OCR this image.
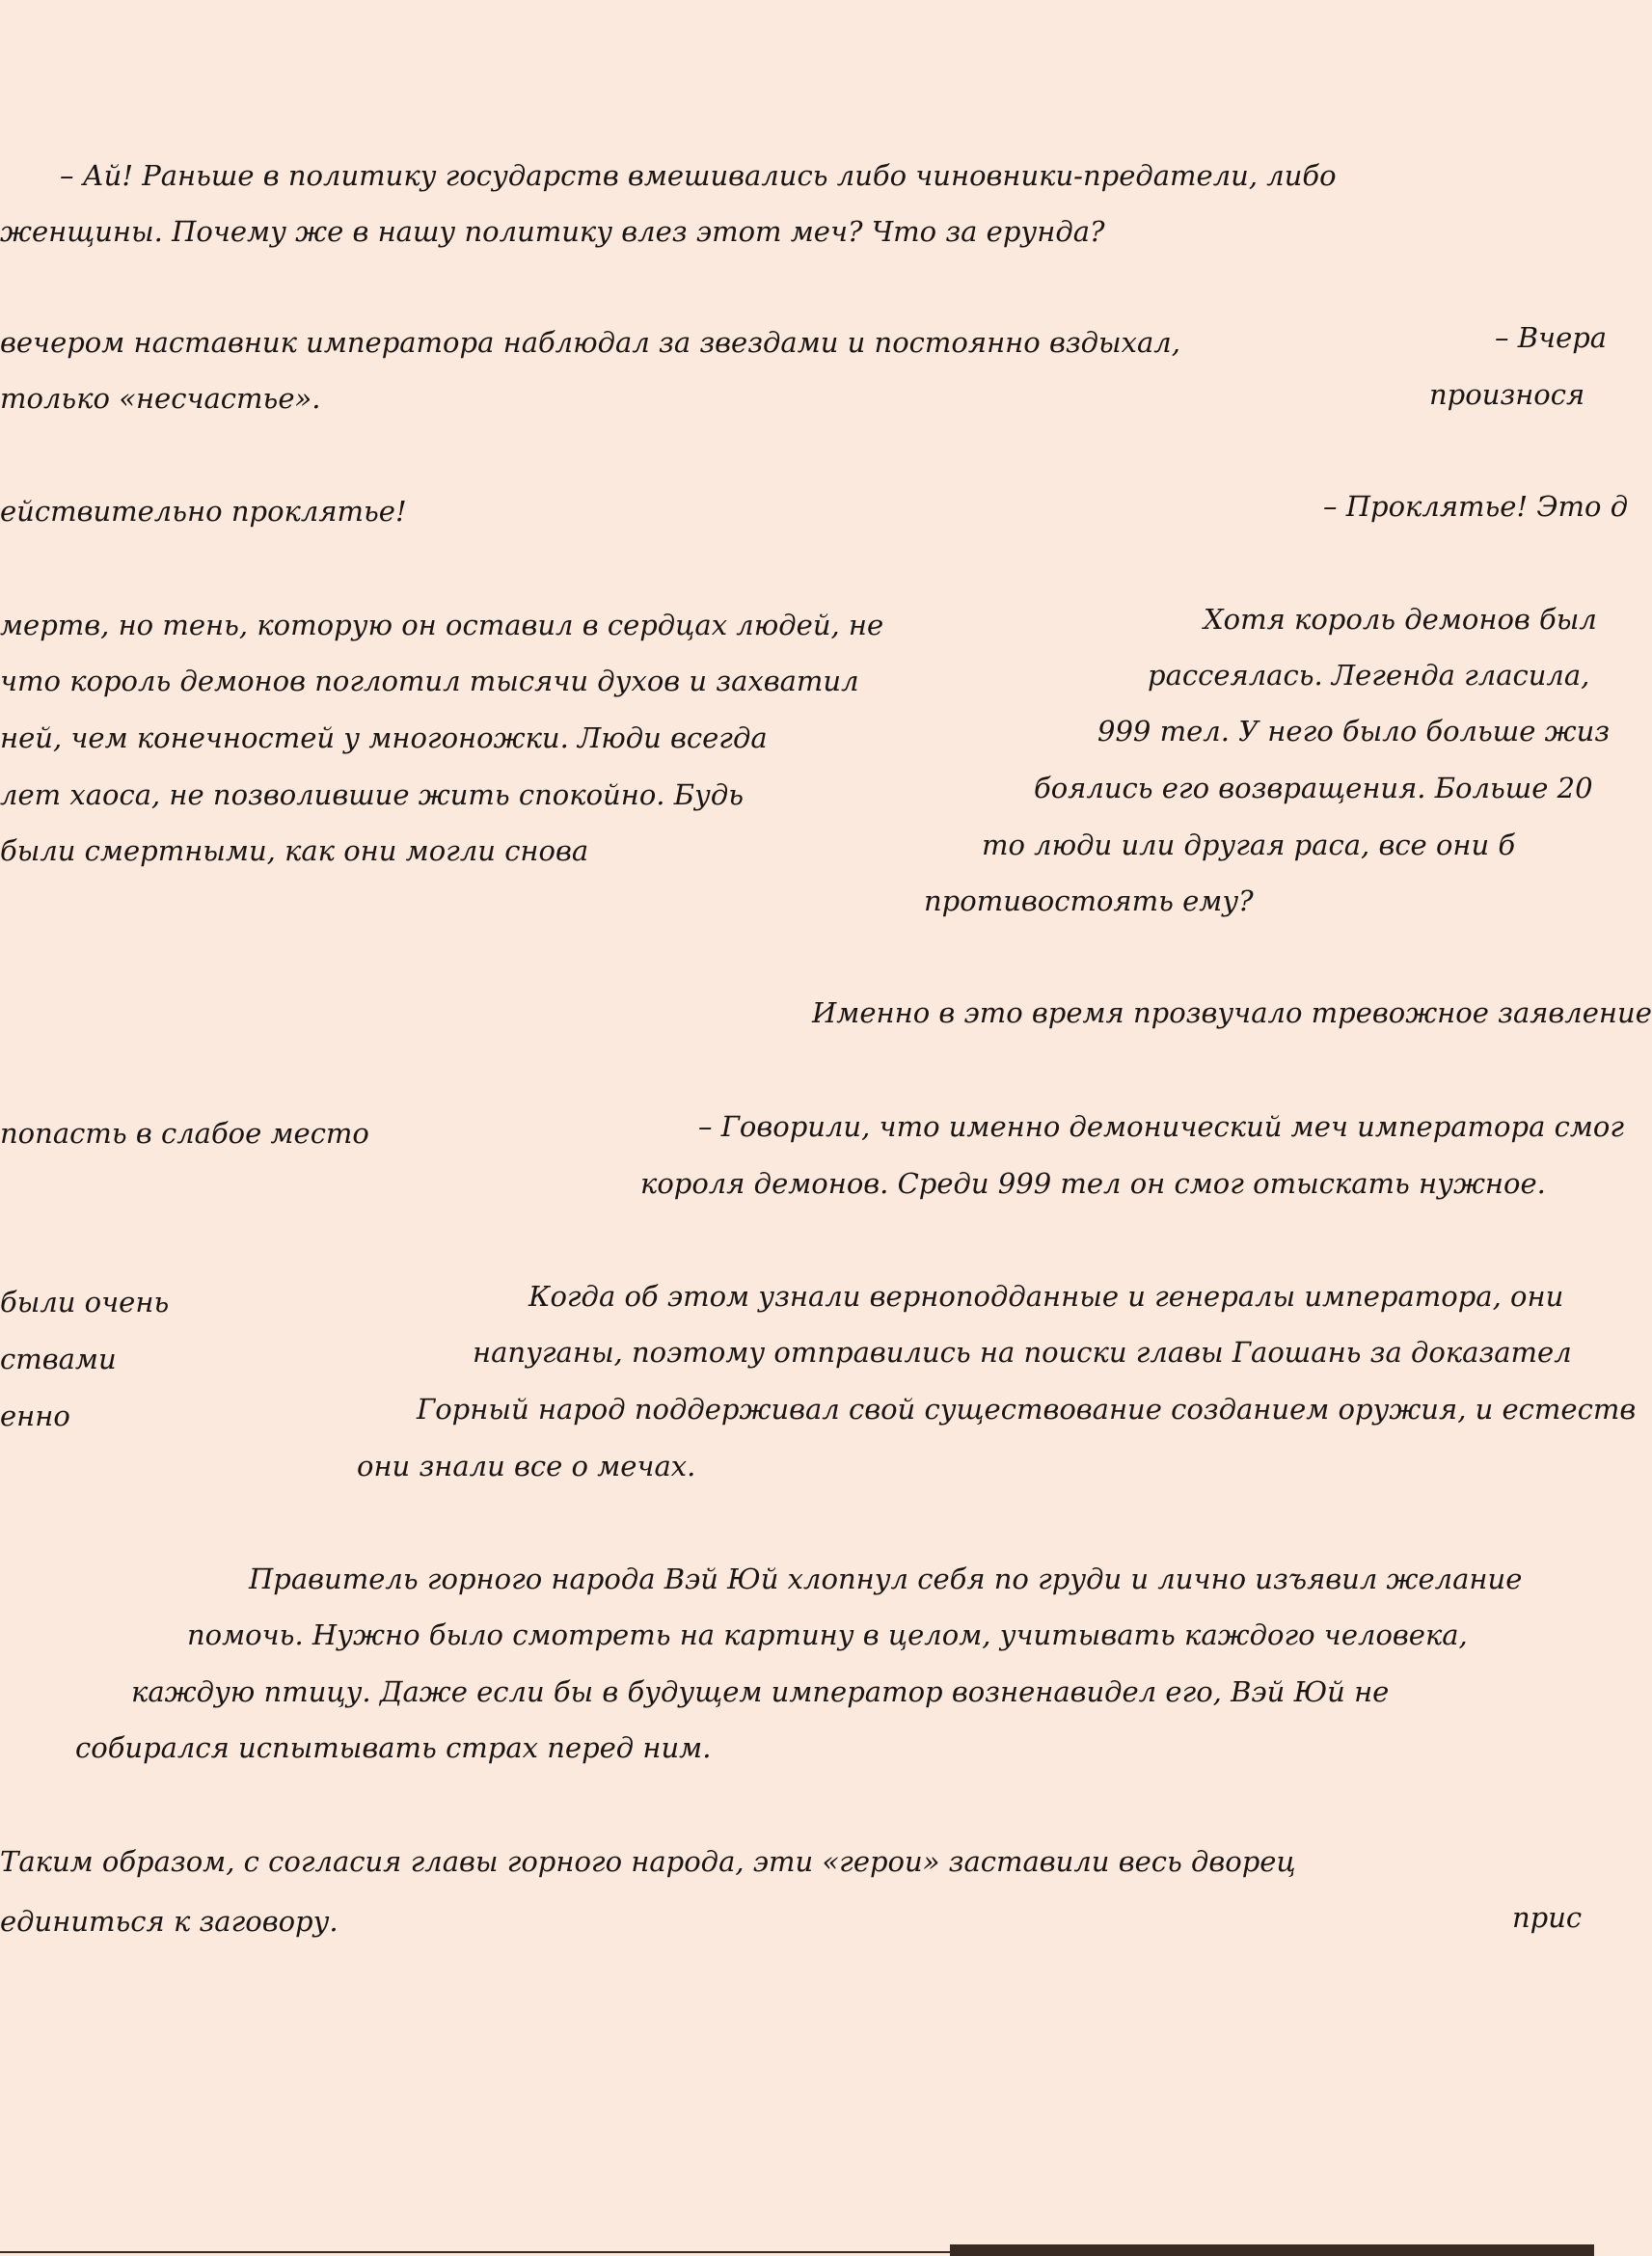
– Ай! Раньше в политику государств вмешивались либо чиновники-предатели, либо
женщины. Почему же в нашу политику влез этот меч? Что за ерунда?
вечером наставник императора наблюдал за звездами и постоянно вздыхал,	– Вчера
только «несчастье».	произнося
ействительно проклятье!	– Проклятье! Это д
мертв, но тень, которую он оставил в сердцах людей, не	Хотя король демонов был
что король демонов поглотил тысячи духов и захватил	рассеялась. Легенда гласила,
ней, чем конечностей у многоножки. Люди всегда	999 тел. У него было больше жиз
лет хаоса, не позволившие жить спокойно. Будь	боялись его возвращения. Больше 20
были смертными, как они могли снова	то люди или другая раса, все они б
противостоять ему?
Именно в это время прозвучало тревожное заявление
попасть в слабое место	– Говорили, что именно демонический меч императора смог
короля демонов. Среди 999 тел он смог отыскать нужное.
были очень	Когда об этом узнали верноподданные и генералы императора, они
ствами	напуганы, поэтому отправились на поиски главы Гаошань за доказател
енно	Горный народ поддерживал свой существование созданием оружия, и естеств
они знали все о мечах.
Правитель горного народа Вэй Юй хлопнул себя по груди и лично изъявил желание
помочь. Нужно было смотреть на картину в целом, учитывать каждого человека,
каждую птицу. Даже если бы в будущем император возненавидел его, Вэй Юй не
собирался испытывать страх перед ним.
Таким образом, с согласия главы горного народа, эти «герои» заставили весь дворец
прис
единиться к заговору.
